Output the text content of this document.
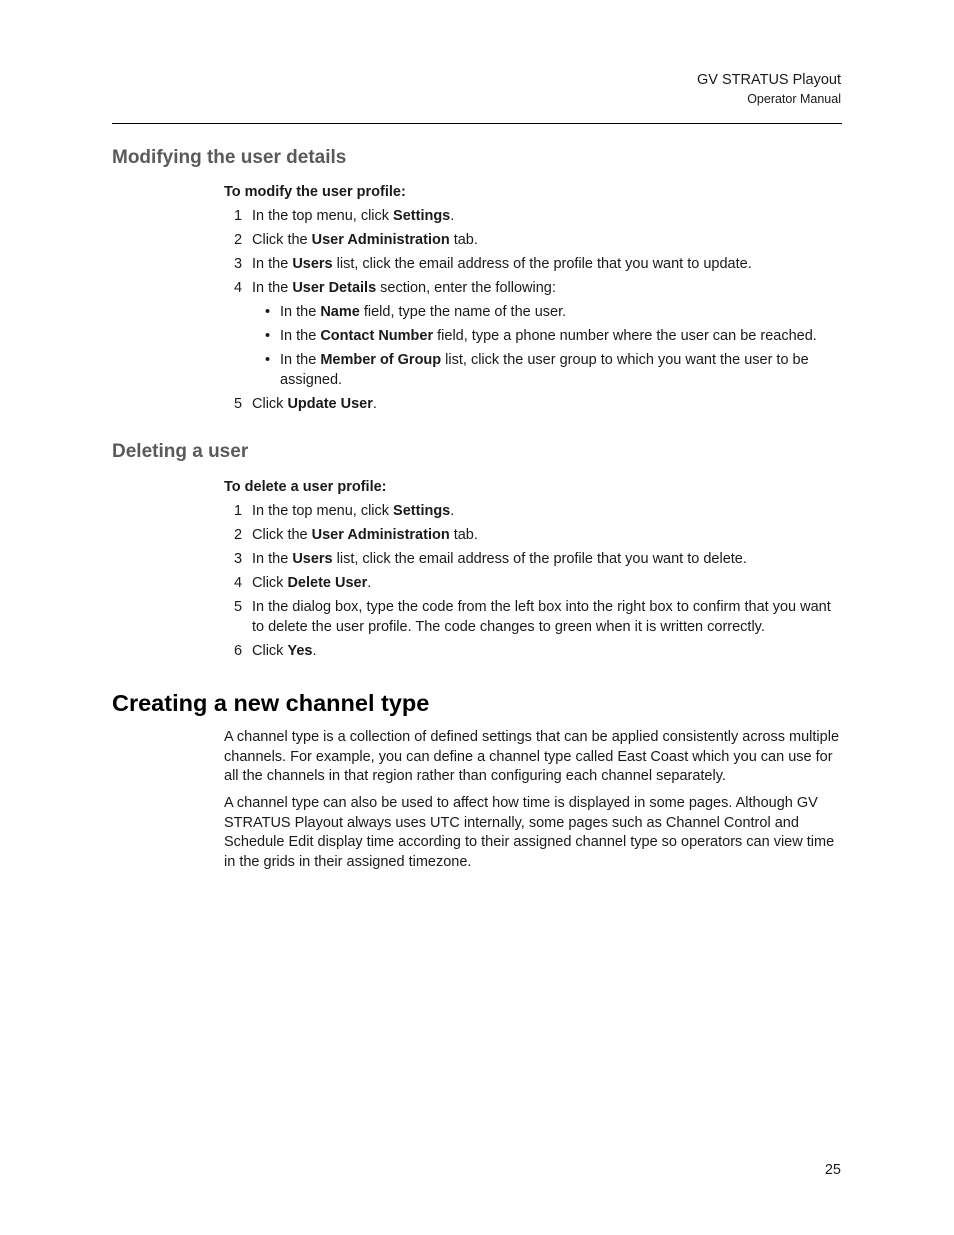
GV STRATUS Playout
Operator Manual
Modifying the user details
To modify the user profile:
1 In the top menu, click Settings.
2 Click the User Administration tab.
3 In the Users list, click the email address of the profile that you want to update.
4 In the User Details section, enter the following:
• In the Name field, type the name of the user.
• In the Contact Number field, type a phone number where the user can be reached.
• In the Member of Group list, click the user group to which you want the user to be assigned.
5 Click Update User.
Deleting a user
To delete a user profile:
1 In the top menu, click Settings.
2 Click the User Administration tab.
3 In the Users list, click the email address of the profile that you want to delete.
4 Click Delete User.
5 In the dialog box, type the code from the left box into the right box to confirm that you want to delete the user profile. The code changes to green when it is written correctly.
6 Click Yes.
Creating a new channel type

A channel type is a collection of defined settings that can be applied consistently across multiple channels. For example, you can define a channel type called East Coast which you can use for all the channels in that region rather than configuring each channel separately.

A channel type can also be used to affect how time is displayed in some pages. Although GV STRATUS Playout always uses UTC internally, some pages such as Channel Control and Schedule Edit display time according to their assigned channel type so operators can view time in the grids in their assigned timezone.

25
